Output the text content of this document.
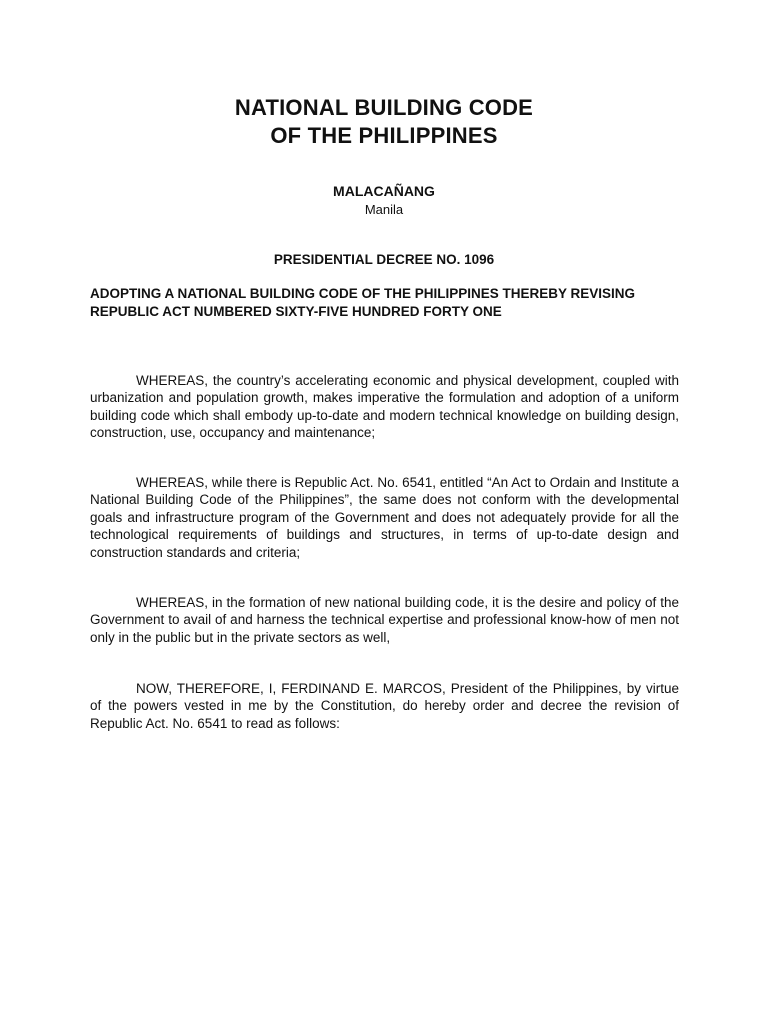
NATIONAL BUILDING CODE
OF THE PHILIPPINES
MALACAÑANG
Manila
PRESIDENTIAL DECREE NO. 1096
ADOPTING A NATIONAL BUILDING CODE OF THE PHILIPPINES THEREBY REVISING REPUBLIC ACT NUMBERED SIXTY-FIVE HUNDRED FORTY ONE

WHEREAS, the country’s accelerating economic and physical development, coupled with urbanization and population growth, makes imperative the formulation and adoption of a uniform building code which shall embody up-to-date and modern technical knowledge on building design, construction, use, occupancy and maintenance;

WHEREAS, while there is Republic Act. No. 6541, entitled “An Act to Ordain and Institute a National Building Code of the Philippines”, the same does not conform with the developmental goals and infrastructure program of the Government and does not adequately provide for all the technological requirements of buildings and structures, in terms of up-to-date design and construction standards and criteria;

WHEREAS, in the formation of new national building code, it is the desire and policy of the Government to avail of and harness the technical expertise and professional know-how of men not only in the public but in the private sectors as well,

NOW, THEREFORE, I, FERDINAND E. MARCOS, President of the Philippines, by virtue of the powers vested in me by the Constitution, do hereby order and decree the revision of Republic Act. No. 6541 to read as follows:
